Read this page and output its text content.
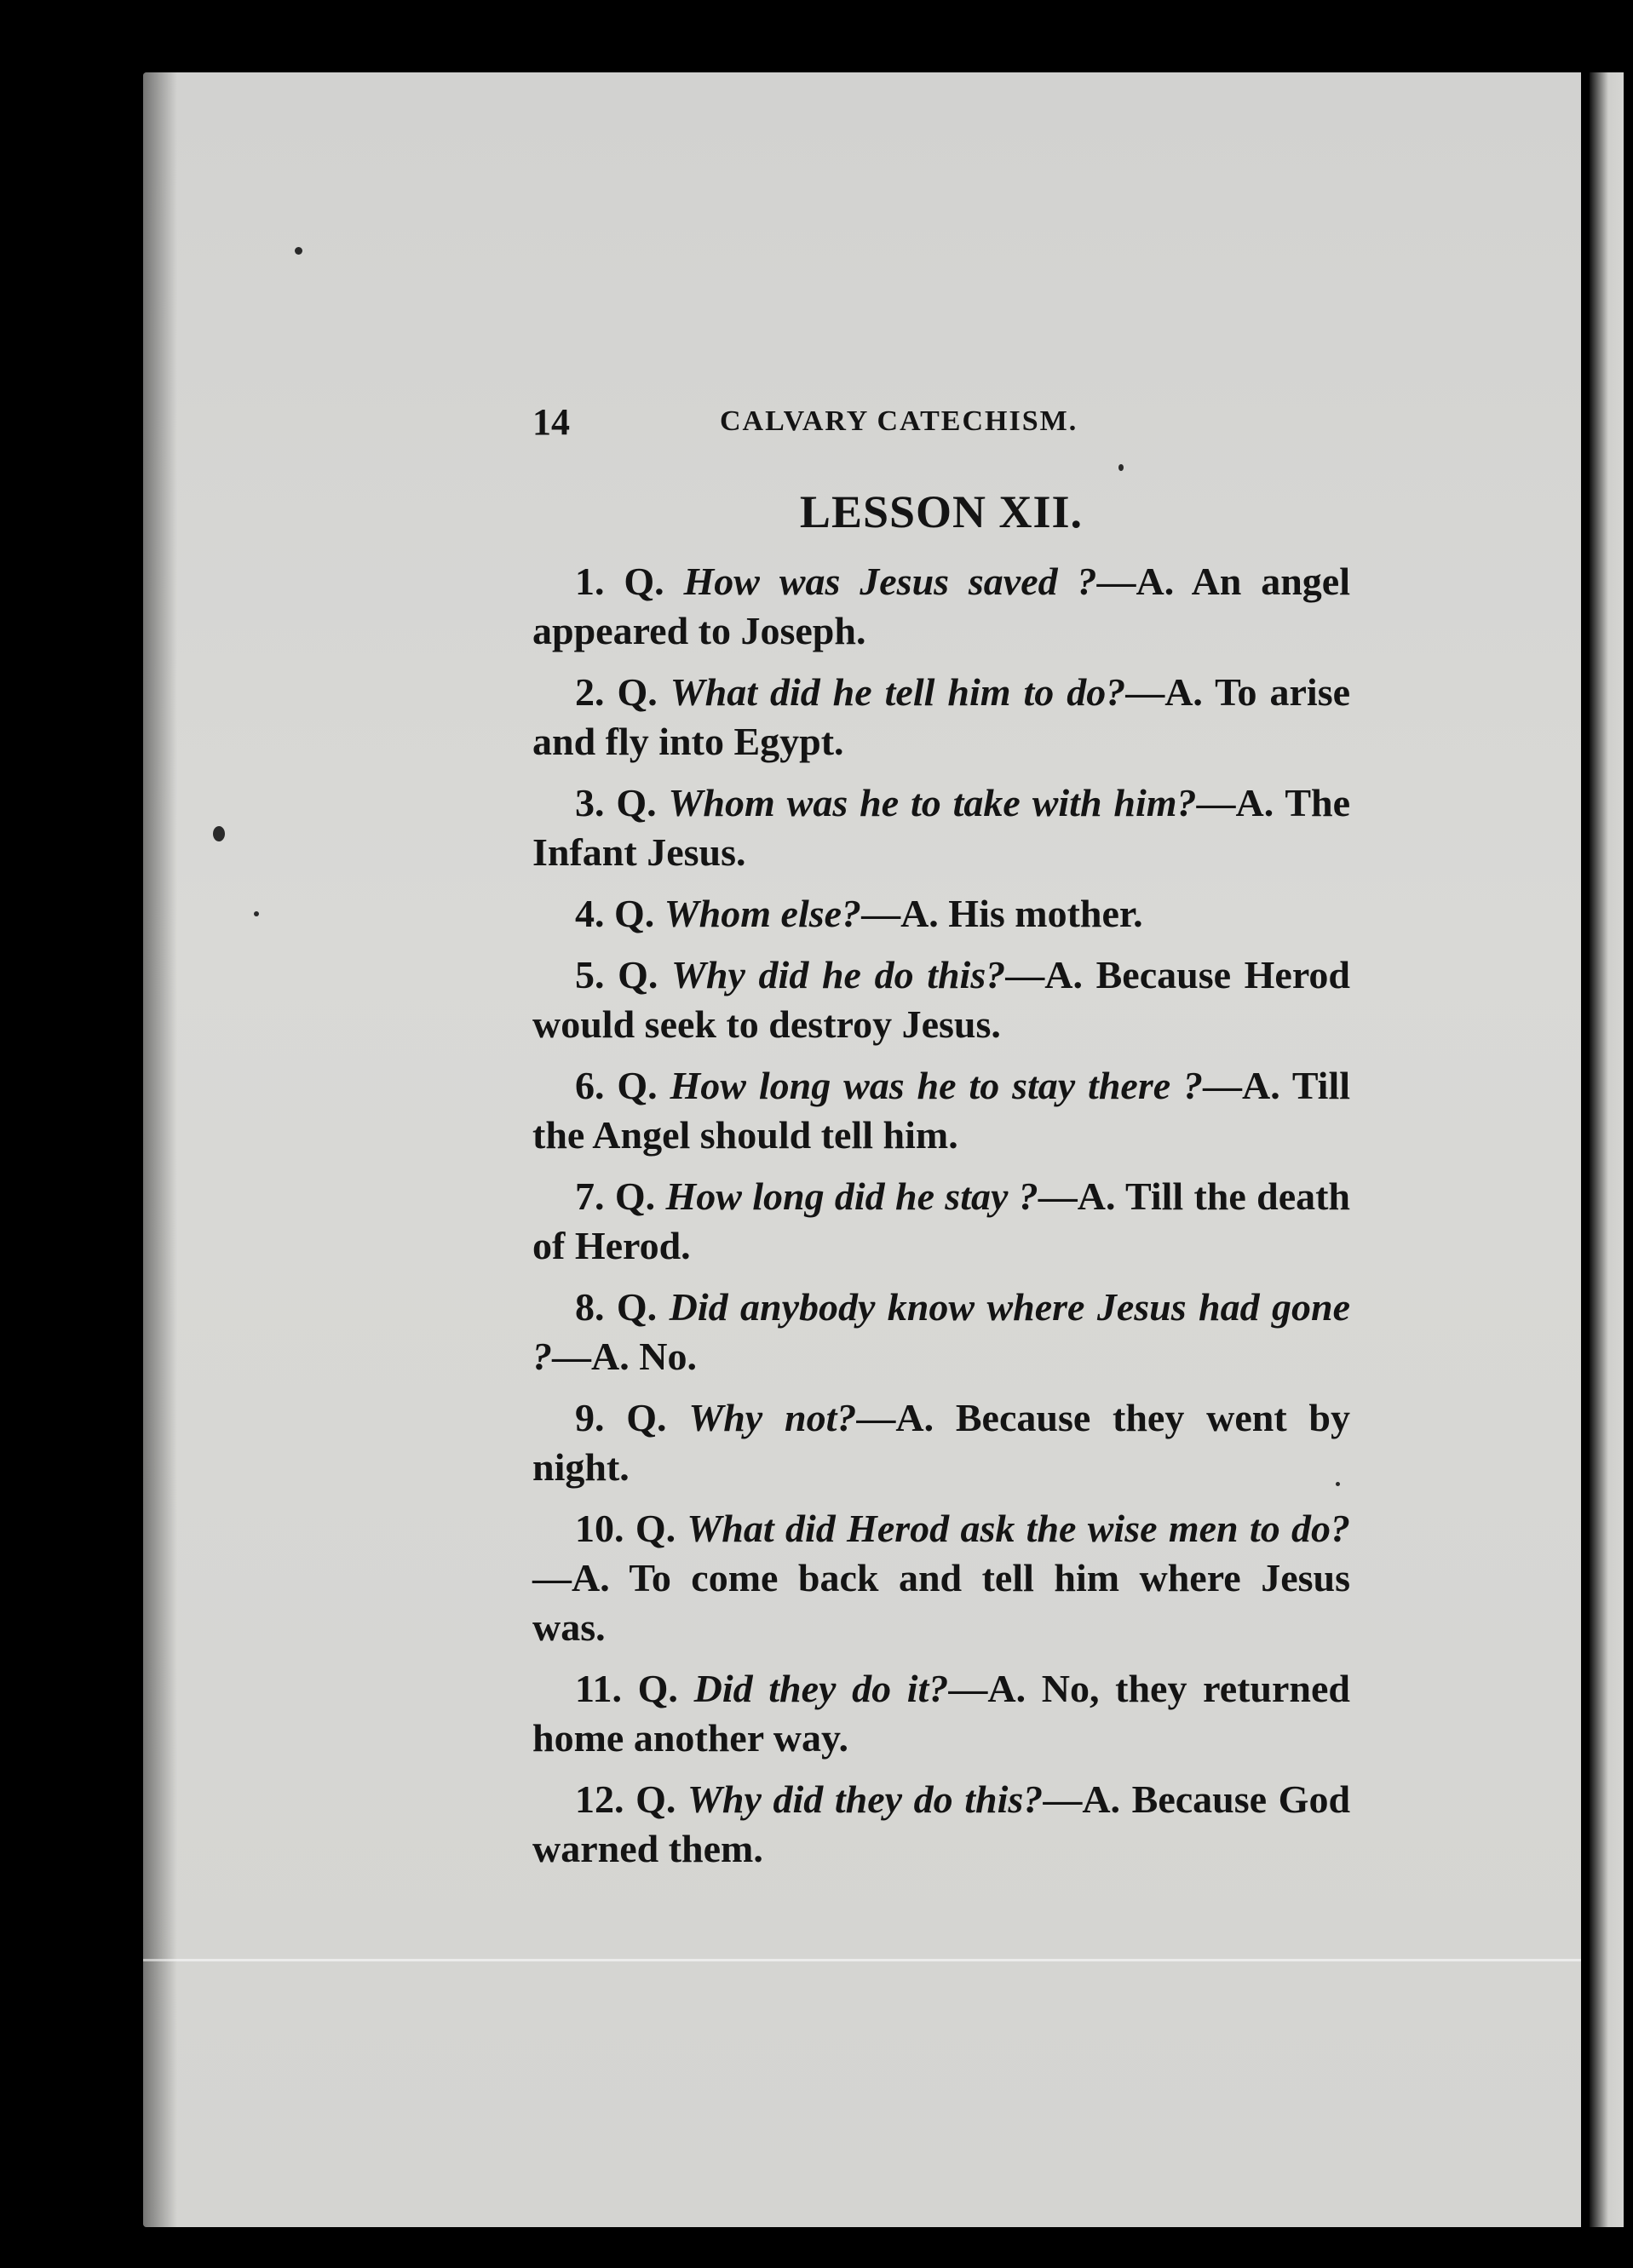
14	CALVARY CATECHISM.
LESSON XII.
1. Q. How was Jesus saved ?—A. An angel appeared to Joseph.
2. Q. What did he tell him to do?—A. To arise and fly into Egypt.
3. Q. Whom was he to take with him?—A. The Infant Jesus.
4. Q. Whom else?—A. His mother.
5. Q. Why did he do this?—A. Because Herod would seek to destroy Jesus.
6. Q. How long was he to stay there ?—A. Till the Angel should tell him.
7. Q. How long did he stay ?—A. Till the death of Herod.
8. Q. Did anybody know where Jesus had gone ?—A. No.
9. Q. Why not?—A. Because they went by night.
10. Q. What did Herod ask the wise men to do?—A. To come back and tell him where Jesus was.
11. Q. Did they do it?—A. No, they returned home another way.
12. Q. Why did they do this?—A. Because God warned them.
